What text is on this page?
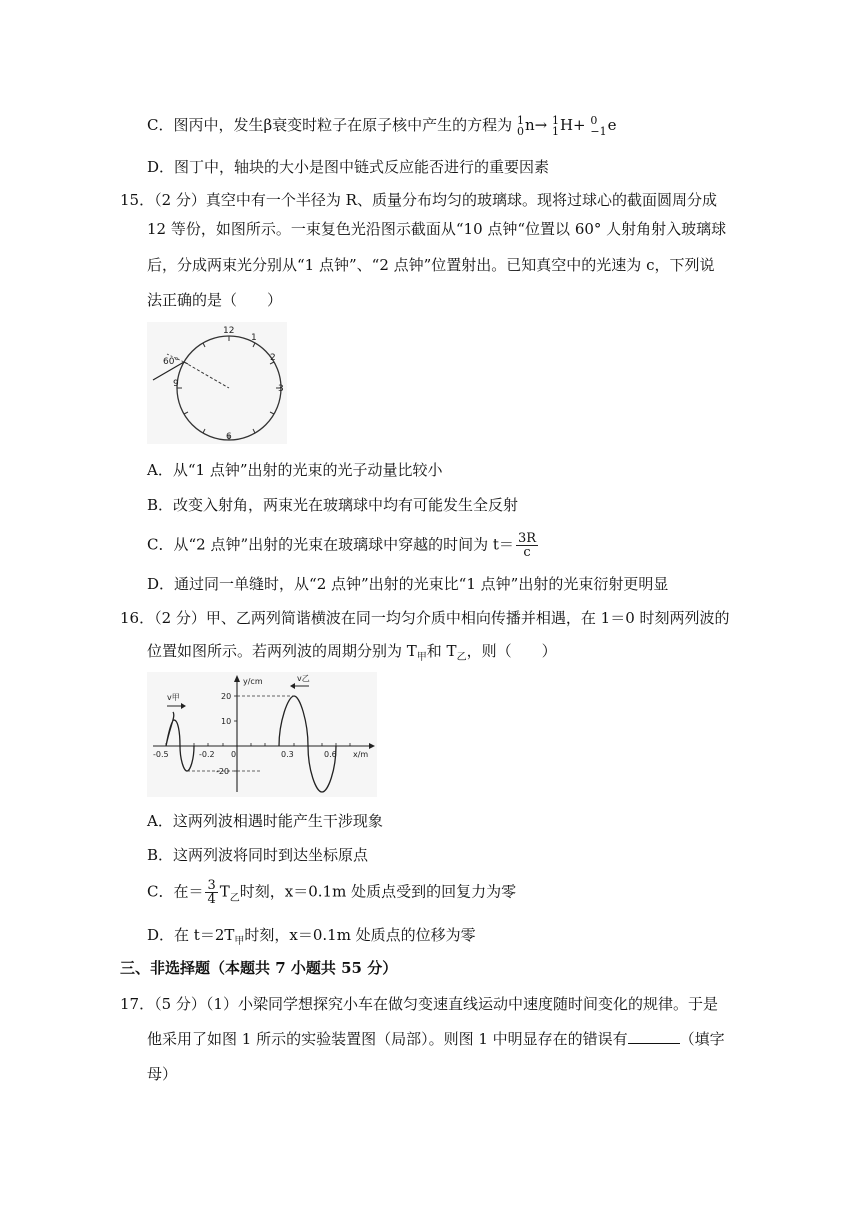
C．图丙中，发生β衰变时粒子在原子核中产生的方程为 1
0 n→ 1
1 H+ 0
−1 e
D．图丁中，轴块的大小是图中链式反应能否进行的重要因素
15．（2 分）真空中有一个半径为 R、质量分布均匀的玻璃球。现将过球心的截面圆周分成
12 等份，如图所示。一束复色光沿图示截面从“10 点钟“位置以 60° 人射角射入玻璃球
后，分成两束光分别从“1 点钟”、“2 点钟”位置射出。已知真空中的光速为 c，下列说
法正确的是（　　）
12
1
2
3
6
9
60°
A．从“1 点钟”出射的光束的光子动量比较小
B．改变入射角，两束光在玻璃球中均有可能发生全反射
C．从“2 点钟”出射的光束在玻璃球中穿越的时间为 $t= \frac{3R}{c}$
D．通过同一单缝时，从“2 点钟”出射的光束比“1 点钟”出射的光束衍射更明显
16．（2 分）甲、乙两列简谐横波在同一均匀介质中相向传播并相遇，在 1＝0 时刻两列波的
位置如图所示。若两列波的周期分别为 $T_甲$和 $T_乙$，则（　　）
v甲
v乙
y/cm
x/m
20
10
-20
-0.5	-0.2 0	0.3	0.6
A．这两列波相遇时能产生干涉现象
B．这两列波将同时到达坐标原点
C．在＝ $\frac{3}{4} T_乙$时刻，x＝0.1m 处质点受到的回复力为零
D．在 $t=2T_甲$时刻，x＝0.1m 处质点的位移为零
三、非选择题（本题共 7 小题共 55 分）
17．（5 分）（1）小梁同学想探究小车在做匀变速直线运动中速度随时间变化的规律。于是
他采用了如图 1 所示的实验装置图（局部）。则图 1 中明显存在的错误有	（填字
母）
